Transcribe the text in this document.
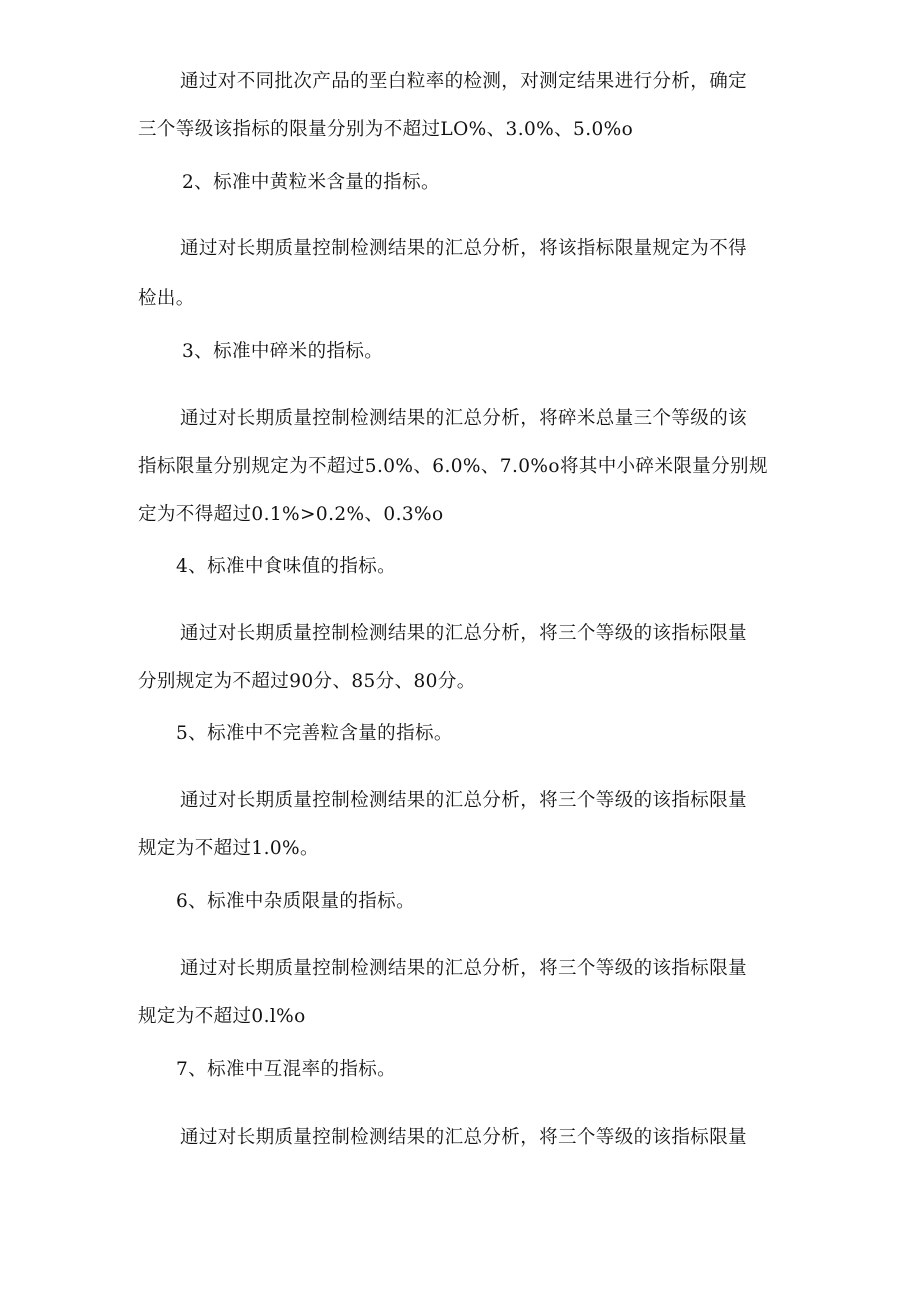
通过对不同批次产品的垩白粒率的检测，对测定结果进行分析，确定
三个等级该指标的限量分别为不超过LO%、3.0%、5.0%o
2、标准中黄粒米含量的指标。
通过对长期质量控制检测结果的汇总分析，将该指标限量规定为不得
检出。
3、标准中碎米的指标。
通过对长期质量控制检测结果的汇总分析，将碎米总量三个等级的该
指标限量分别规定为不超过5.0%、6.0%、7.0%o将其中小碎米限量分别规
定为不得超过0.1%>0.2%、0.3%o
4、标准中食味值的指标。
通过对长期质量控制检测结果的汇总分析，将三个等级的该指标限量
分别规定为不超过90分、85分、80分。
5、标准中不完善粒含量的指标。
通过对长期质量控制检测结果的汇总分析，将三个等级的该指标限量
规定为不超过1.0%。
6、标准中杂质限量的指标。
通过对长期质量控制检测结果的汇总分析，将三个等级的该指标限量
规定为不超过0.l%o
7、标准中互混率的指标。
通过对长期质量控制检测结果的汇总分析，将三个等级的该指标限量
